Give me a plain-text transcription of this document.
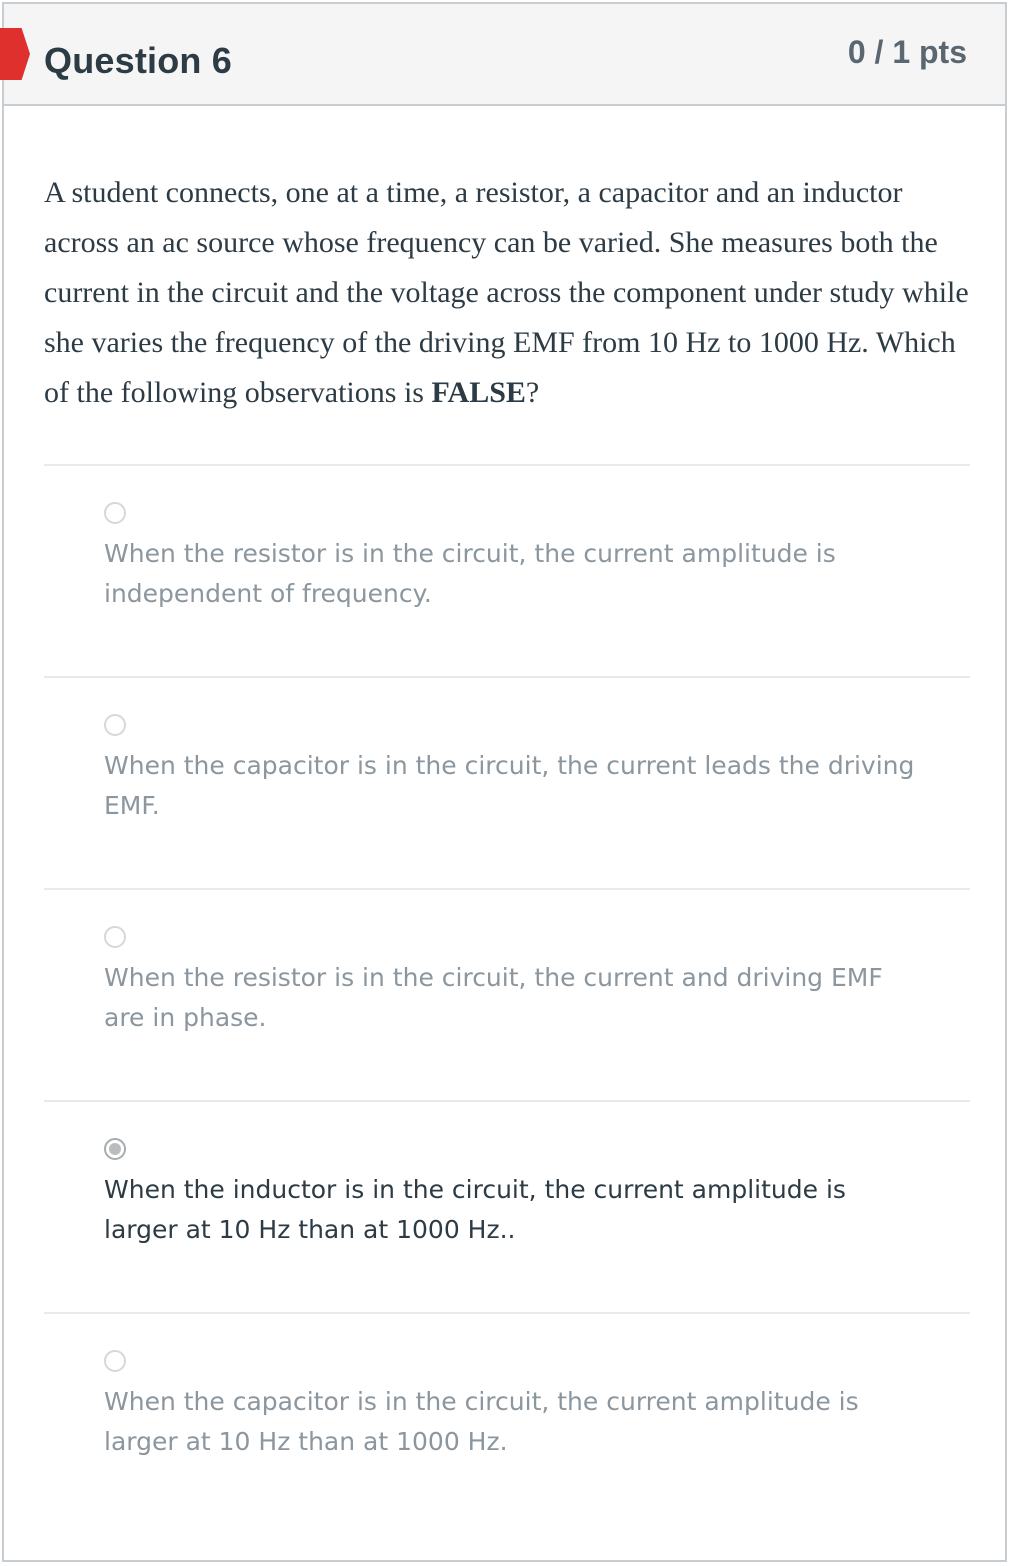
Question 6	0 / 1 pts
A student connects, one at a time, a resistor, a capacitor and an inductor across an ac source whose frequency can be varied. She measures both the current in the circuit and the voltage across the component under study while she varies the frequency of the driving EMF from 10 Hz to 1000 Hz. Which of the following observations is FALSE?
When the resistor is in the circuit, the current amplitude is independent of frequency.
When the capacitor is in the circuit, the current leads the driving EMF.
When the resistor is in the circuit, the current and driving EMF are in phase.
When the inductor is in the circuit, the current amplitude is larger at 10 Hz than at 1000 Hz..
When the capacitor is in the circuit, the current amplitude is larger at 10 Hz than at 1000 Hz.
